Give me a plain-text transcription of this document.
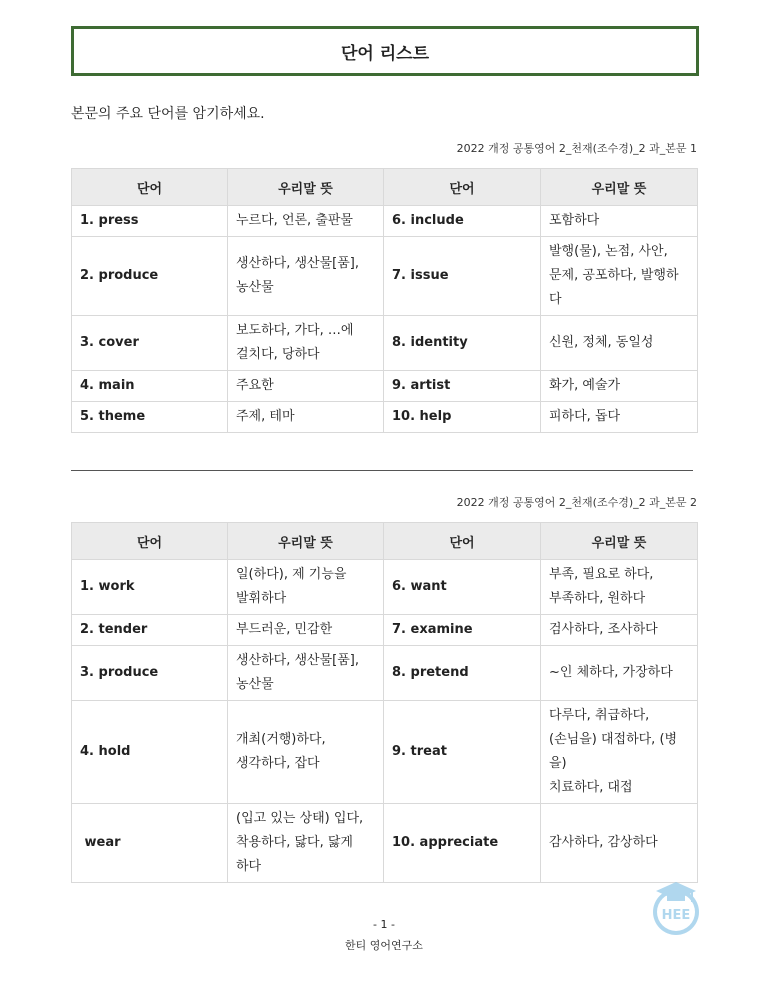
단어 리스트
본문의 주요 단어를 암기하세요.
2022 개정 공통영어 2_천재(조수경)_2 과_본문 1
단어	우리말 뜻	단어	우리말 뜻
1. press	누르다, 언론, 출판물	6. include	포함하다
2. produce	생산하다, 생산물[품],
농산물	7. issue	발행(물), 논점, 사안,
문제, 공포하다, 발행하다
3. cover	보도하다, 가다, …에
걸치다, 당하다	8. identity	신원, 정체, 동일성
4. main	주요한	9. artist	화가, 예술가
5. theme	주제, 테마	10. help	피하다, 돕다
2022 개정 공통영어 2_천재(조수경)_2 과_본문 2
단어	우리말 뜻	단어	우리말 뜻
1. work	일(하다), 제 기능을
발휘하다	6. want	부족, 필요로 하다,
부족하다, 원하다
2. tender	부드러운, 민감한	7. examine	검사하다, 조사하다
3. produce	생산하다, 생산물[품],
농산물	8. pretend	~인 체하다, 가장하다
4. hold	개최(거행)하다,
생각하다, 잡다	9. treat	다루다, 취급하다,
(손님을) 대접하다, (병을)
치료하다, 대접
wear	(입고 있는 상태) 입다,
착용하다, 닳다, 닳게
하다	10. appreciate	감사하다, 감상하다
- 1 -
한티 영어연구소
HEE
